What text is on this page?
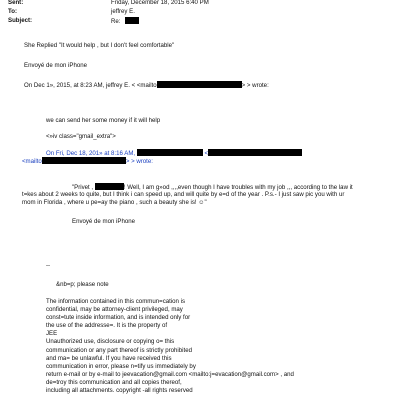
Sent:	Friday, December 18, 2015 6:40 PM
To:	jeffrey E.
Subject:	Re:
She Replied "It would help , but I don't feel comfortable"
Envoyé de mon iPhone
On Dec 1», 2015, at 8:23 AM, jeffrey E. < <mailto	> > wrote:
we can send her some money if it will help
<»iv class="gmail_extra">
On Fri, Dec 18, 201» at 8:16 AM,	<
<mailto	> > wrote:
"Privet ,	! Well, I am g»od ,,,,even though I have troubles with my job ,,, according to the law it
t=kes about 2 weeks to quite, but I think i can speed up, and will quite by e=d of the year . P.s.- I just saw pic you with ur
mom in Florida , where u pe=ay the piano , such a beauty she is! ☺"
Envoyé de mon iPhone
--
&nb=p; please note
The information contained in this commun=cation is
confidential, may be attorney-client privileged, may
const=tute inside information, and is intended only for
the use of the addresse=. It is the property of
JEE
Unauthorized use, disclosure or copying o= this
communication or any part thereof is strictly prohibited
and ma= be unlawful. If you have received this
communication in error, please n=tify us immediately by
return e-mail or by e-mail to jeevacation@gmail.com <mailto:j=evacation@gmail.com> , and
de=troy this communication and all copies thereof,
including all attachments. copyright -all rights reserved
